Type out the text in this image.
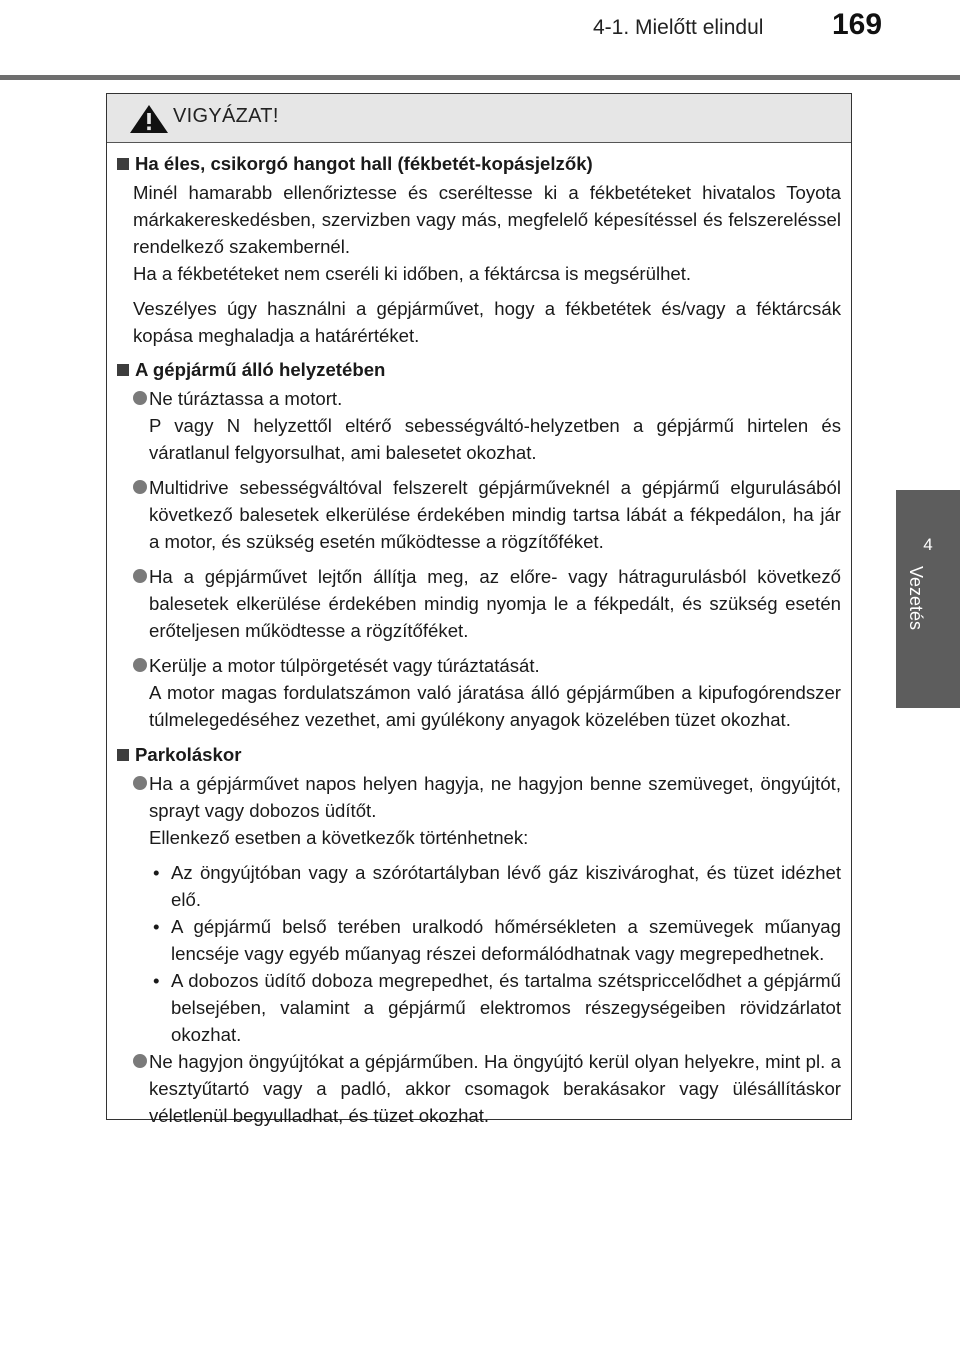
4-1. Mielőtt elindul 169
4
Vezetés
VIGYÁZAT!
Ha éles, csikorgó hangot hall (fékbetét-kopásjelzők)
Minél hamarabb ellenőriztesse és cseréltesse ki a fékbetéteket hivatalos Toyota márkakereskedésben, szervizben vagy más, megfelelő képesítéssel és felszereléssel rendelkező szakembernél.
Ha a fékbetéteket nem cseréli ki időben, a féktárcsa is megsérülhet.
Veszélyes úgy használni a gépjárművet, hogy a fékbetétek és/vagy a féktárcsák kopása meghaladja a határértéket.
A gépjármű álló helyzetében
Ne túráztassa a motort.
P vagy N helyzettől eltérő sebességváltó-helyzetben a gépjármű hirtelen és váratlanul felgyorsulhat, ami balesetet okozhat.
Multidrive sebességváltóval felszerelt gépjárműveknél a gépjármű elgurulásából következő balesetek elkerülése érdekében mindig tartsa lábát a fékpedálon, ha jár a motor, és szükség esetén működtesse a rögzítőféket.
Ha a gépjárművet lejtőn állítja meg, az előre- vagy hátragurulásból következő balesetek elkerülése érdekében mindig nyomja le a fékpedált, és szükség esetén erőteljesen működtesse a rögzítőféket.
Kerülje a motor túlpörgetését vagy túráztatását.
A motor magas fordulatszámon való járatása álló gépjárműben a kipufogórendszer túlmelegedéséhez vezethet, ami gyúlékony anyagok közelében tüzet okozhat.
Parkoláskor
Ha a gépjárművet napos helyen hagyja, ne hagyjon benne szemüveget, öngyújtót, sprayt vagy dobozos üdítőt.
Ellenkező esetben a következők történhetnek:
• Az öngyújtóban vagy a szórótartályban lévő gáz kiszivároghat, és tüzet idézhet elő.
• A gépjármű belső terében uralkodó hőmérsékleten a szemüvegek műanyag lencséje vagy egyéb műanyag részei deformálódhatnak vagy megrepedhetnek.
• A dobozos üdítő doboza megrepedhet, és tartalma szétspriccelődhet a gépjármű belsejében, valamint a gépjármű elektromos részegységeiben rövidzárlatot okozhat.
Ne hagyjon öngyújtókat a gépjárműben. Ha öngyújtó kerül olyan helyekre, mint pl. a kesztyűtartó vagy a padló, akkor csomagok berakásakor vagy ülésállításkor véletlenül begyulladhat, és tüzet okozhat.
